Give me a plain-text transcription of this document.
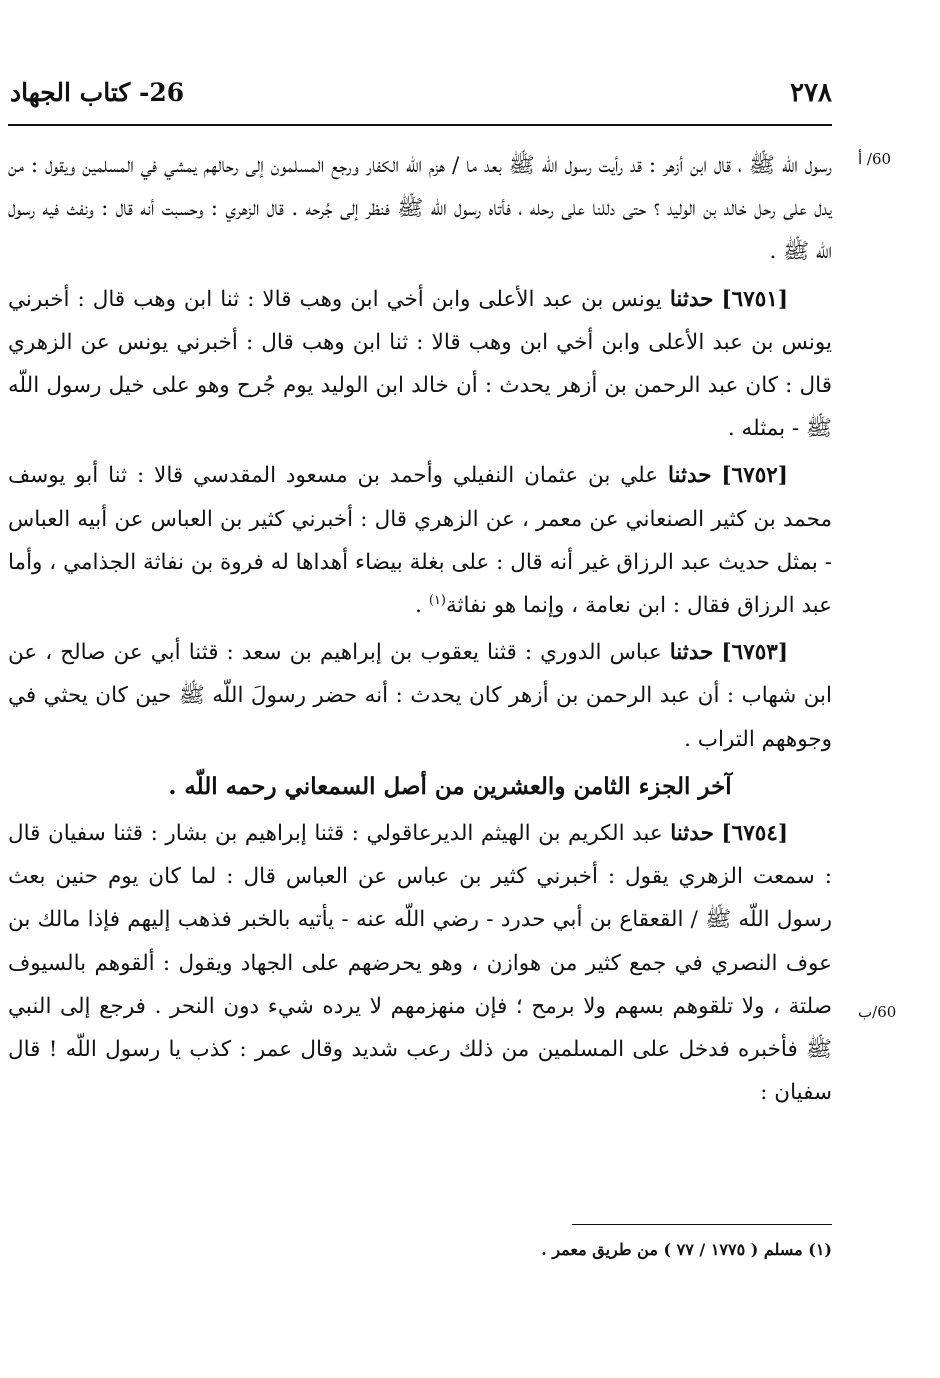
26- كتاب الجهاد	٢٧٨
60/ أ
60/ب

رسول اللّه ﷺ ، قال ابن أزهر : قد رأيت رسول اللّه ﷺ بعد ما / هزم اللّه الكفار ورجع المسلمون إلى رحالهم يمشي في المسلمين ويقول : من يدل على رحل خالد بن الوليد ؟ حتى دللنا على رحله ، فأتاه رسول اللّه ﷺ فنظر إلى جُرحه . قال الزهري : وحسبت أنه قال : ونفث فيه رسول اللّه ﷺ .

[٦٧٥١] حدثنا يونس بن عبد الأعلى وابن أخي ابن وهب قالا : ثنا ابن وهب قال : أخبرني يونس بن عبد الأعلى وابن أخي ابن وهب قالا : ثنا ابن وهب قال : أخبرني يونس عن الزهري قال : كان عبد الرحمن بن أزهر يحدث : أن خالد ابن الوليد يوم جُرح وهو على خيل رسول اللّه ﷺ - بمثله .

[٦٧٥٢] حدثنا علي بن عثمان النفيلي وأحمد بن مسعود المقدسي قالا : ثنا أبو يوسف محمد بن كثير الصنعاني عن معمر ، عن الزهري قال : أخبرني كثير بن العباس عن أبيه العباس - بمثل حديث عبد الرزاق غير أنه قال : على بغلة بيضاء أهداها له فروة بن نفاثة الجذامي ، وأما عبد الرزاق فقال : ابن نعامة ، وإنما هو نفاثة$^{(١)}$ .

[٦٧٥٣] حدثنا عباس الدوري : قثنا يعقوب بن إبراهيم بن سعد : قثنا أبي عن صالح ، عن ابن شهاب : أن عبد الرحمن بن أزهر كان يحدث : أنه حضر رسولَ اللّه ﷺ حين كان يحثي في وجوههم التراب .

آخر الجزء الثامن والعشرين من أصل السمعاني رحمه اللّه .

[٦٧٥٤] حدثنا عبد الكريم بن الهيثم الديرعاقولي : قثنا إبراهيم بن بشار : قثنا سفيان قال : سمعت الزهري يقول : أخبرني كثير بن عباس عن العباس قال : لما كان يوم حنين بعث رسول اللّه ﷺ / القعقاع بن أبي حدرد - رضي اللّه عنه - يأتيه بالخبر فذهب إليهم فإذا مالك بن عوف النصري في جمع كثير من هوازن ، وهو يحرضهم على الجهاد ويقول : ألقوهم بالسيوف صلتة ، ولا تلقوهم بسهم ولا برمح ؛ فإن منهزمهم لا يرده شيء دون النحر . فرجع إلى النبي ﷺ فأخبره فدخل على المسلمين من ذلك رعب شديد وقال عمر : كذب يا رسول اللّه ! قال سفيان :

(١) مسلم ( ١٧٧٥ / ٧٧ ) من طريق معمر .
